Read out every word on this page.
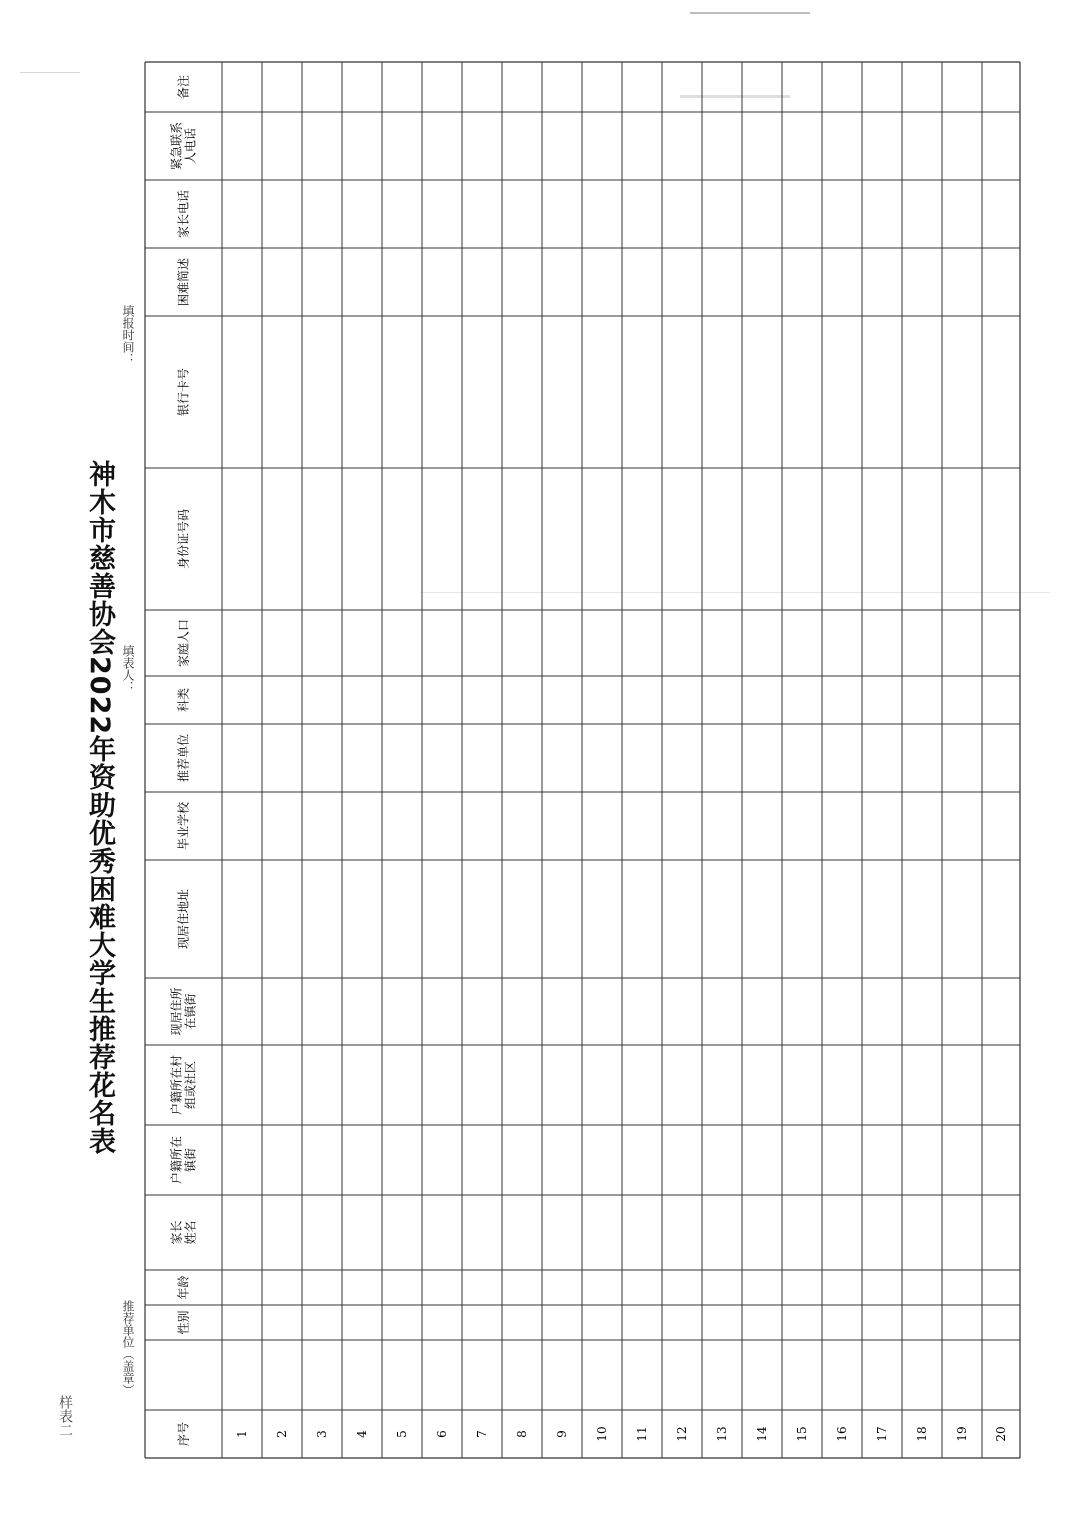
样表二
神木市慈善协会2022年资助优秀困难大学生推荐花名表
推荐单位（盖章）
填表人：
填报时间：
序号
性别
年龄
家长 姓名
户籍所在 镇街
户籍所在村 组或社区
现居住所 在镇街
现居住地址
毕业学校
推荐单位
科类
家庭人口
身份证号码
银行卡号
困难简述
家长电话
紧急联系 人电话
备注
1 2 3 4 5 6 7 8 9 10 11 12 13 14 15 16 17 18 19 20
